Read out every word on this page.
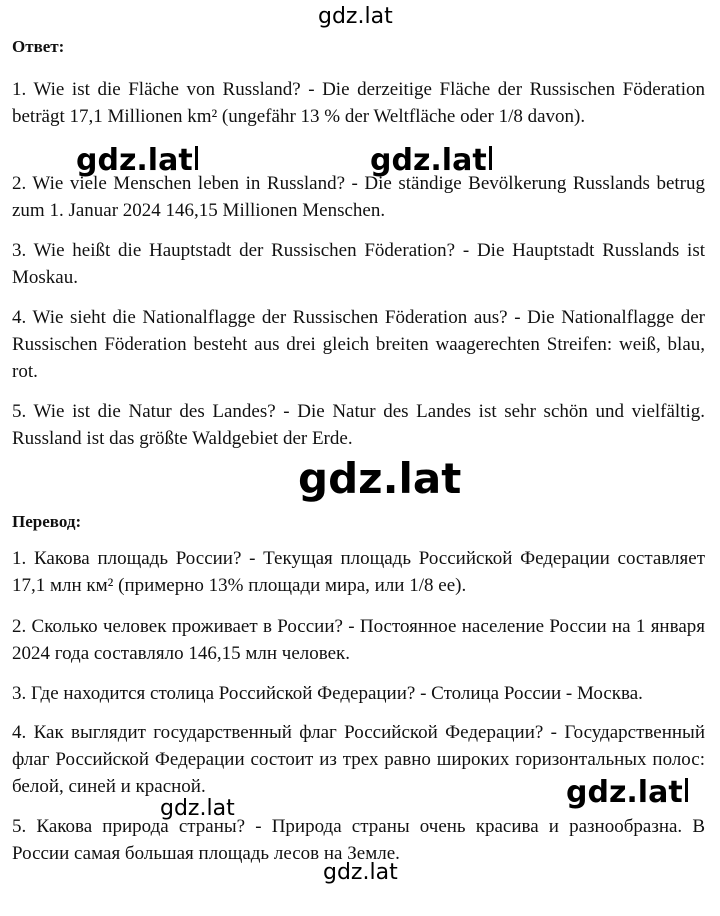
gdz.lat
Ответ:

1. Wie ist die Fläche von Russland? - Die derzeitige Fläche der Russischen Föderation beträgt 17,1 Millionen km² (ungefähr 13 % der Weltfläche oder 1/8 davon).

2. Wie viele Menschen leben in Russland? - Die ständige Bevölkerung Russlands betrug zum 1. Januar 2024 146,15 Millionen Menschen.

3. Wie heißt die Hauptstadt der Russischen Föderation? - Die Hauptstadt Russlands ist Moskau.

4. Wie sieht die Nationalflagge der Russischen Föderation aus? - Die Nationalflagge der Russischen Föderation besteht aus drei gleich breiten waagerechten Streifen: weiß, blau, rot.

5. Wie ist die Natur des Landes? - Die Natur des Landes ist sehr schön und vielfältig. Russland ist das größte Waldgebiet der Erde.

gdz.lat	gdz.lat
gdz.lat
Перевод:

1. Какова площадь России? - Текущая площадь Российской Федерации составляет 17,1 млн км² (примерно 13% площади мира, или 1/8 ее).

2. Сколько человек проживает в России? - Постоянное население России на 1 января 2024 года составляло 146,15 млн человек.

3. Где находится столица Российской Федерации? - Столица России - Москва.

4. Как выглядит государственный флаг Российской Федерации? - Государственный флаг Российской Федерации состоит из трех равно широких горизонтальных полос: белой, синей и красной.

5. Какова природа страны? - Природа страны очень красива и разнообразна. В России самая большая площадь лесов на Земле.

gdz.lat	gdz.lat
gdz.lat
